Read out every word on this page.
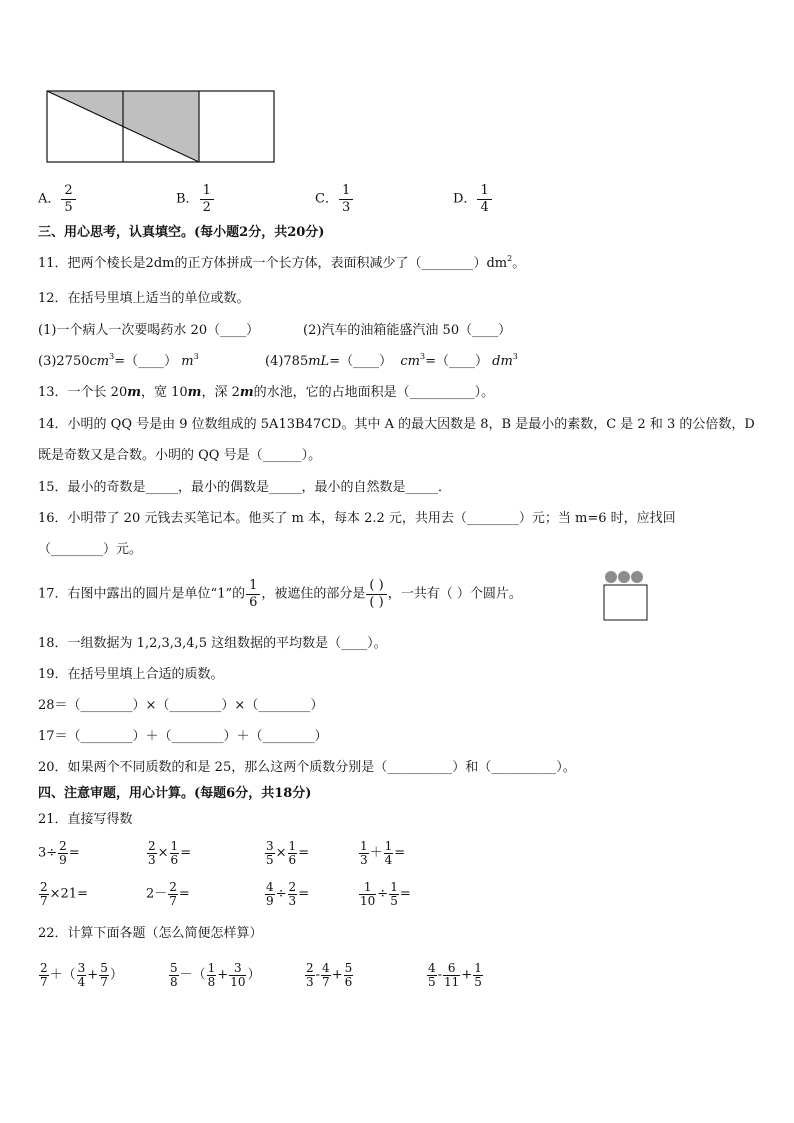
A． $\frac{2}{5}$	B． $\frac{1}{2}$	C． $\frac{1}{3}$	D． $\frac{1}{4}$
三、用心思考，认真填空。(每小题2分，共20分)
11．把两个棱长是2dm的正方体拼成一个长方体，表面积减少了$(\_\_\_\_\_\_\_\_)dm^2$。
12．在括号里填上适当的单位或数。
(1)一个病人一次要喝药水 20（____）	(2)汽车的油箱能盛汽油 50（____）
$(3)2750cm^3=(\_\_\_\_)$ $m^3$	(4)785mL=（____） $cm^3=(\_\_\_\_)$ $dm^3$
13．一个长 20m，宽 10m，深 2m的水池，它的占地面积是（__________）。
14．小明的 QQ 号是由 9 位数组成的 5A13B47CD。其中 A 的最大因数是 8，B 是最小的素数，C 是 2 和 3 的公倍数，D
既是奇数又是合数。小明的 QQ 号是（______）。
15．最小的奇数是_____，最小的偶数是_____，最小的自然数是_____．
16．小明带了 20 元钱去买笔记本。他买了 m 本，每本 2.2 元，共用去（________）元；当 m=6 时，应找回
（________）元。
17．右图中露出的圆片是单位“1”的 $\frac{1}{6}$ ，被遮住的部分是 $\frac{( )}{( )}$ ，一共有（ ）个圆片。
18．一组数据为 1,2,3,3,4,5 这组数据的平均数是（____）。
19．在括号里填上合适的质数。
28＝（________）×（________）×（________）
17＝（________）＋（________）＋（________）
20．如果两个不同质数的和是 25，那么这两个质数分别是（__________）和（__________）。
四、注意审题，用心计算。(每题6分，共18分)
21．直接写得数
$3\div \frac{2}{9}$ =	$\frac{2}{3} \times \frac{1}{6}$ =	$\frac{3}{5} \times \frac{1}{6}$ =	$\frac{1}{3} + \frac{1}{4}$ =
$\frac{2}{7} \times 21=$	$2- \frac{2}{7}$ =	$\frac{4}{9} \div \frac{2}{3}$ =	$\frac{1}{10} \div \frac{1}{5}$ =
22．计算下面各题（怎么简便怎样算）
$\frac{2}{7}$ ＋（ $\frac{3}{4} + \frac{5}{7}$ ）	$\frac{5}{8}$ －（ $\frac{1}{8} + \frac{3}{10}$ ）	$\frac{2}{3} - \frac{4}{7} + \frac{5}{6}$	$\frac{4}{5} - \frac{6}{11} + \frac{1}{5}$
